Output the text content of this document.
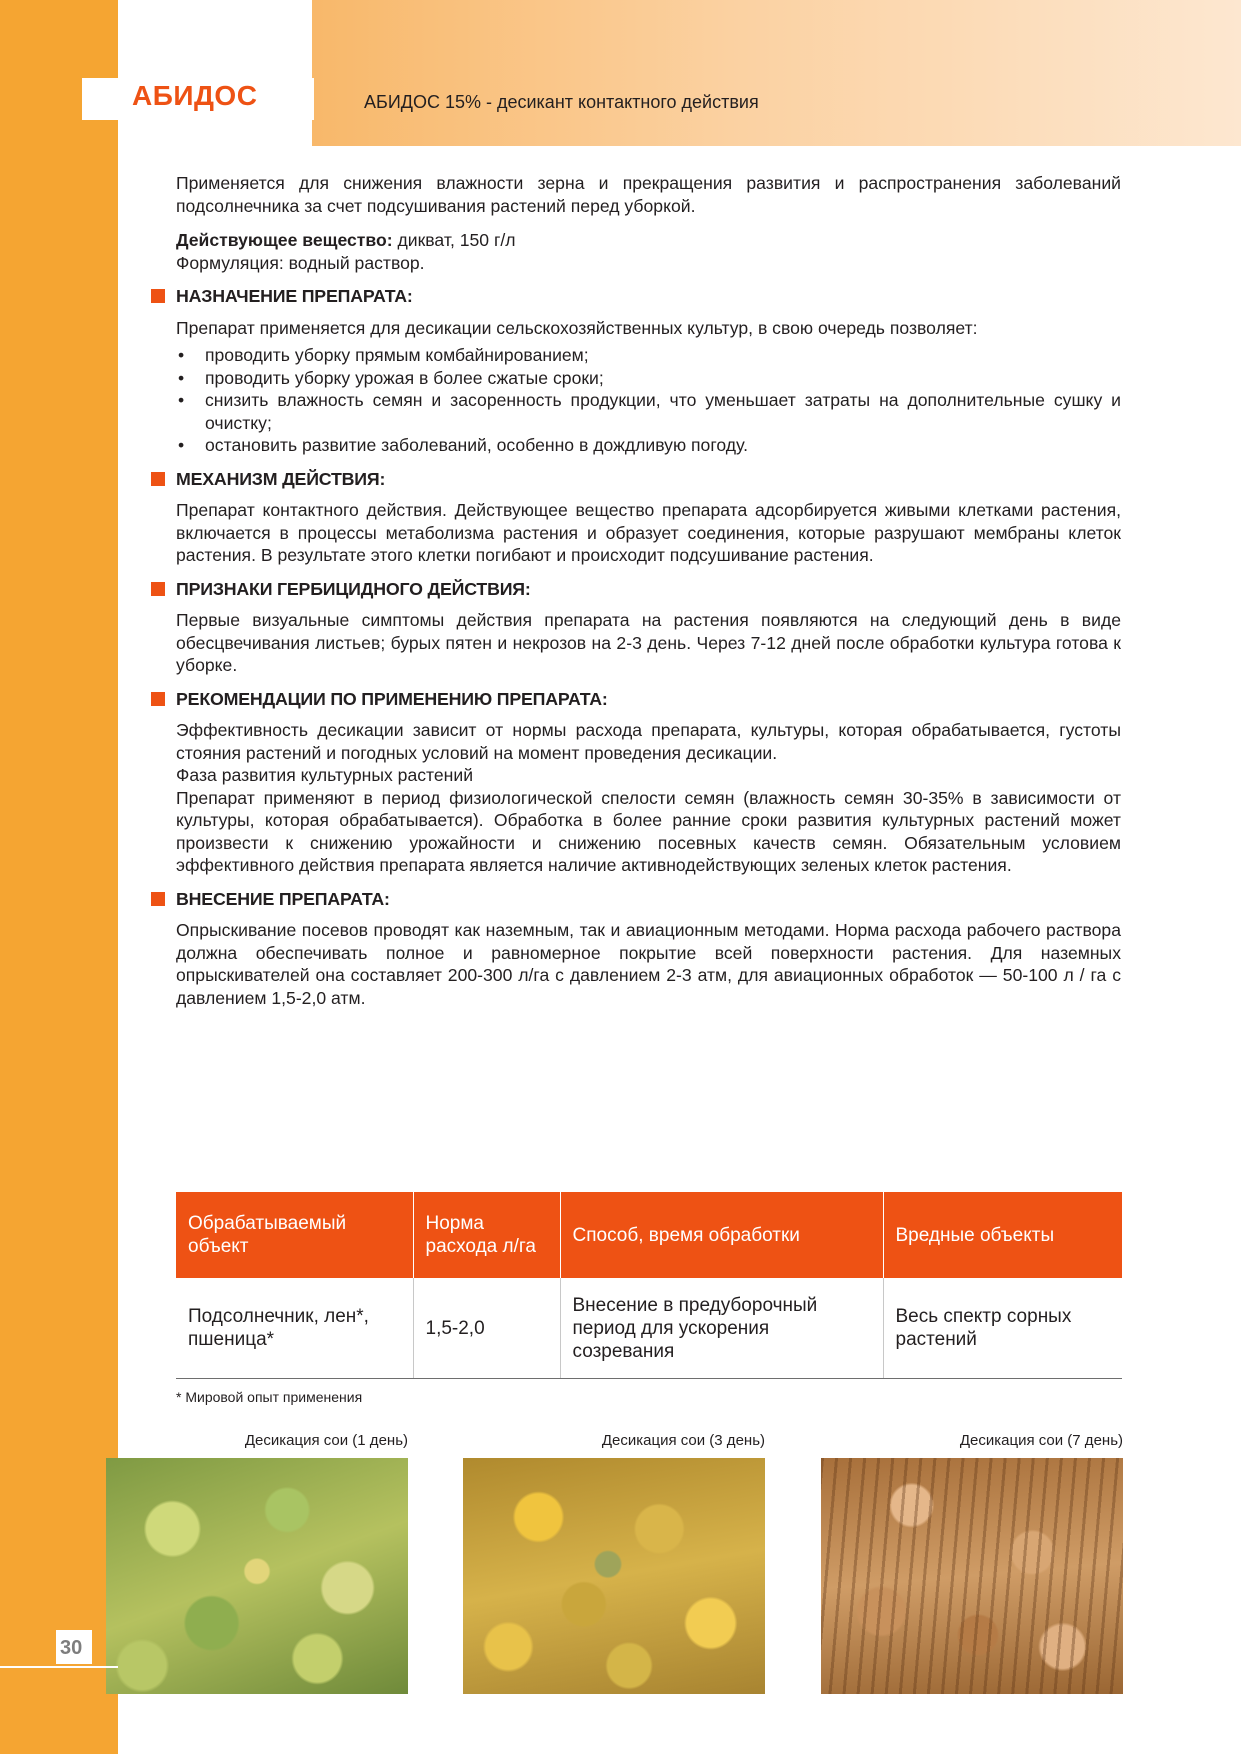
АБИДОС	АБИДОС 15% - десикант контактного действия

Применяется для снижения влажности зерна и прекращения развития и распространения заболеваний подсолнечника за счет подсушивания растений перед уборкой.

Действующее вещество: дикват, 150 г/л

Формуляция: водный раствор.

НАЗНАЧЕНИЕ ПРЕПАРАТА:

Препарат применяется для десикации сельскохозяйственных культур, в свою очередь позволяет:

• проводить уборку прямым комбайнированием;
• проводить уборку урожая в более сжатые сроки;
• снизить влажность семян и засоренность продукции, что уменьшает затраты на дополнительные сушку и очистку;
• остановить развитие заболеваний, особенно в дождливую погоду.
МЕХАНИЗМ ДЕЙСТВИЯ:

Препарат контактного действия. Действующее вещество препарата адсорбируется живыми клетками растения, включается в процессы метаболизма растения и образует соединения, которые разрушают мембраны клеток растения. В результате этого клетки погибают и происходит подсушивание растения.

ПРИЗНАКИ ГЕРБИЦИДНОГО ДЕЙСТВИЯ:

Первые визуальные симптомы действия препарата на растения появляются на следующий день в виде обесцвечивания листьев; бурых пятен и некрозов на 2-3 день. Через 7-12 дней после обработки культура готова к уборке.

РЕКОМЕНДАЦИИ ПО ПРИМЕНЕНИЮ ПРЕПАРАТА:

Эффективность десикации зависит от нормы расхода препарата, культуры, которая обрабатывается, густоты стояния растений и погодных условий на момент проведения десикации.

Фаза развития культурных растений

Препарат применяют в период физиологической спелости семян (влажность семян 30-35% в зависимости от культуры, которая обрабатывается). Обработка в более ранние сроки развития культурных растений может произвести к снижению урожайности и снижению посевных качеств семян. Обязательным условием эффективного действия препарата является наличие активнодействующих зеленых клеток растения.

ВНЕСЕНИЕ ПРЕПАРАТА:

Опрыскивание посевов проводят как наземным, так и авиационным методами. Норма расхода рабочего раствора должна обеспечивать полное и равномерное покрытие всей поверхности растения. Для наземных опрыскивателей она составляет 200-300 л/га с давлением 2-3 атм, для авиационных обработок — 50-100 л / га с давлением 1,5-2,0 атм.

Обрабатываемый объект	Норма расхода л/га	Способ, время обработки	Вредные объекты
Подсолнечник, лен*, пшеница*	1,5-2,0	Внесение в предуборочный период для ускорения созревания	Весь спектр сорных растений
* Мировой опыт применения
Десикация сои (1 день)	Десикация сои (3 день)	Десикация сои (7 день)
30
